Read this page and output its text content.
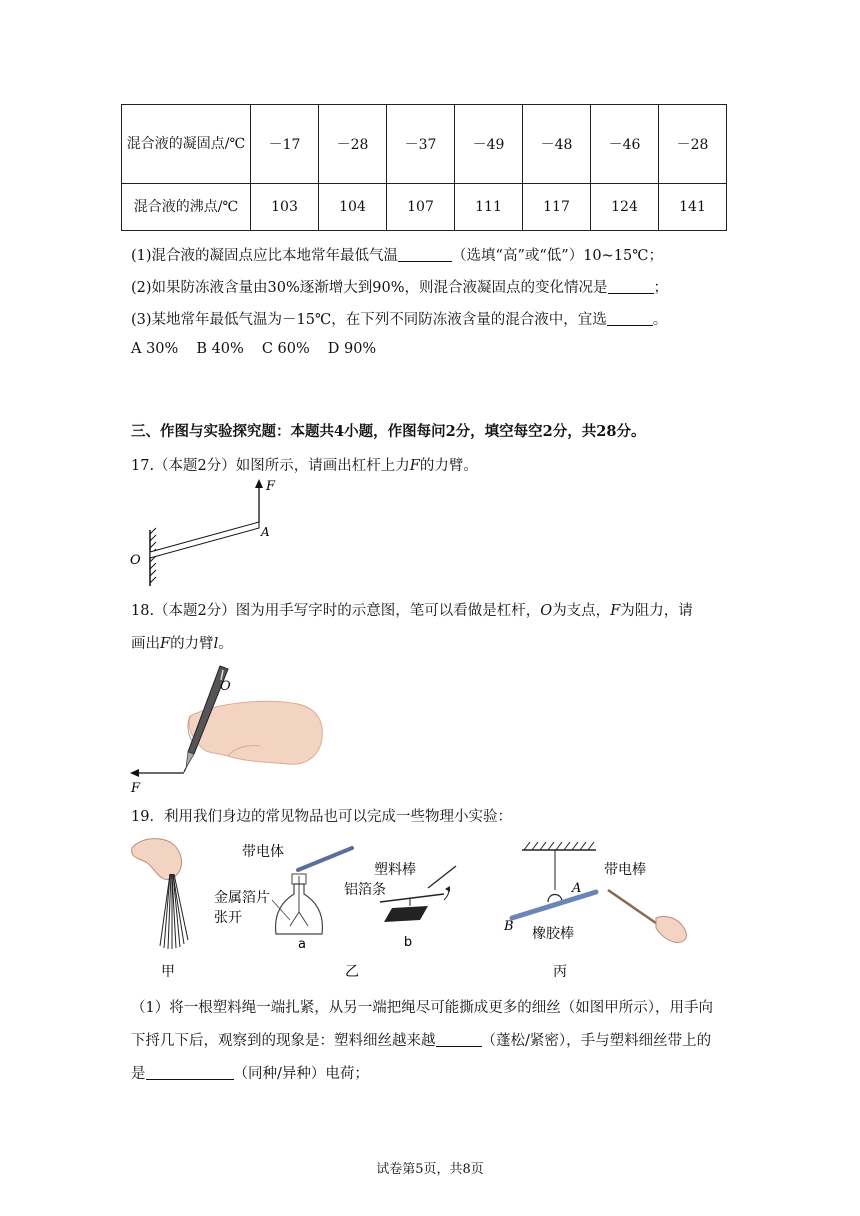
混合液的凝固点/℃	－17	－28	－37	－49	－48	－46	－28
混合液的沸点/℃	103	104	107	111	117	124	141
(1)混合液的凝固点应比本地常年最低气温	（选填“高”或“低”）10~15℃；
(2)如果防冻液含量由30%逐渐增大到90%，则混合液凝固点的变化情况是	；
(3)某地常年最低气温为－15℃，在下列不同防冻液含量的混合液中，宜选	。
A 30% B 40% C 60% D 90%
三、作图与实验探究题：本题共4小题，作图每问2分，填空每空2分，共28分。
17.（本题2分）如图所示，请画出杠杆上力F的力臂。
F
A
O
18.（本题2分）图为用手写字时的示意图，笔可以看做是杠杆，O为支点，F为阻力，请
画出F的力臂l。
O
F
19．利用我们身边的常见物品也可以完成一些物理小实验：
甲
带电体
金属箔片
张开
a
塑料棒
铝箔条
b
乙
A
B 橡胶棒
带电棒
丙
（1）将一根塑料绳一端扎紧，从另一端把绳尽可能撕成更多的细丝（如图甲所示），用手向
下捋几下后，观察到的现象是：塑料细丝越来越	（蓬松/紧密），手与塑料细丝带上的
是	（同种/异种）电荷；
试卷第5页，共8页
